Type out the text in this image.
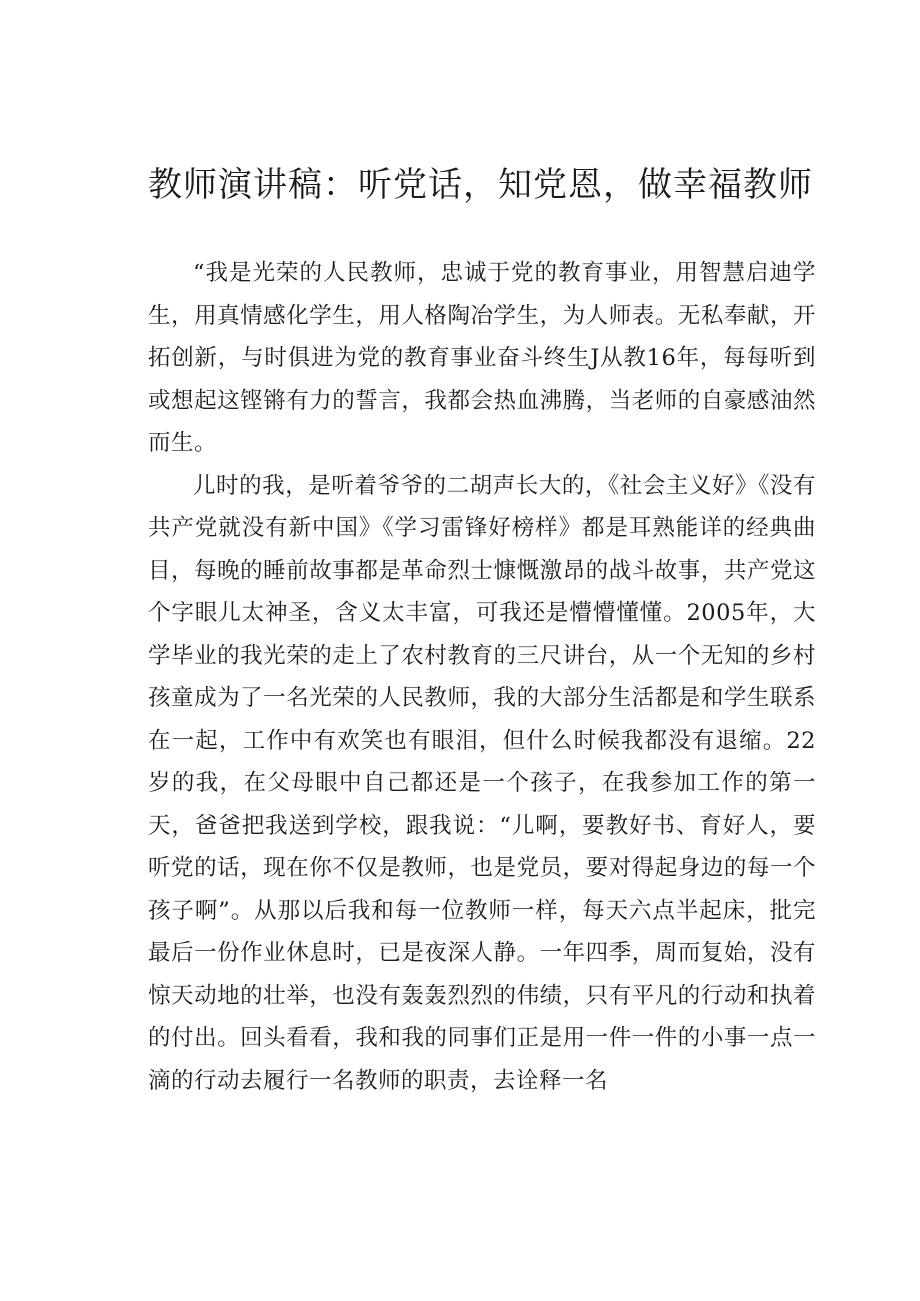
教师演讲稿：听党话，知党恩，做幸福教师

“我是光荣的人民教师，忠诚于党的教育事业，用智慧启迪学生，用真情感化学生，用人格陶冶学生，为人师表。无私奉献，开拓创新，与时俱进为党的教育事业奋斗终生J从教16年，每每听到或想起这铿锵有力的誓言，我都会热血沸腾，当老师的自豪感油然而生。

儿时的我，是听着爷爷的二胡声长大的，《社会主义好》《没有共产党就没有新中国》《学习雷锋好榜样》都是耳熟能详的经典曲目，每晚的睡前故事都是革命烈士慷慨激昂的战斗故事，共产党这个字眼儿太神圣，含义太丰富，可我还是懵懵懂懂。2005年，大学毕业的我光荣的走上了农村教育的三尺讲台，从一个无知的乡村孩童成为了一名光荣的人民教师，我的大部分生活都是和学生联系在一起，工作中有欢笑也有眼泪，但什么时候我都没有退缩。22岁的我，在父母眼中自己都还是一个孩子，在我参加工作的第一天，爸爸把我送到学校，跟我说：“儿啊，要教好书、育好人，要听党的话，现在你不仅是教师，也是党员，要对得起身边的每一个孩子啊”。从那以后我和每一位教师一样，每天六点半起床，批完最后一份作业休息时，已是夜深人静。一年四季，周而复始，没有惊天动地的壮举，也没有轰轰烈烈的伟绩，只有平凡的行动和执着的付出。回头看看，我和我的同事们正是用一件一件的小事一点一滴的行动去履行一名教师的职责，去诠释一名
